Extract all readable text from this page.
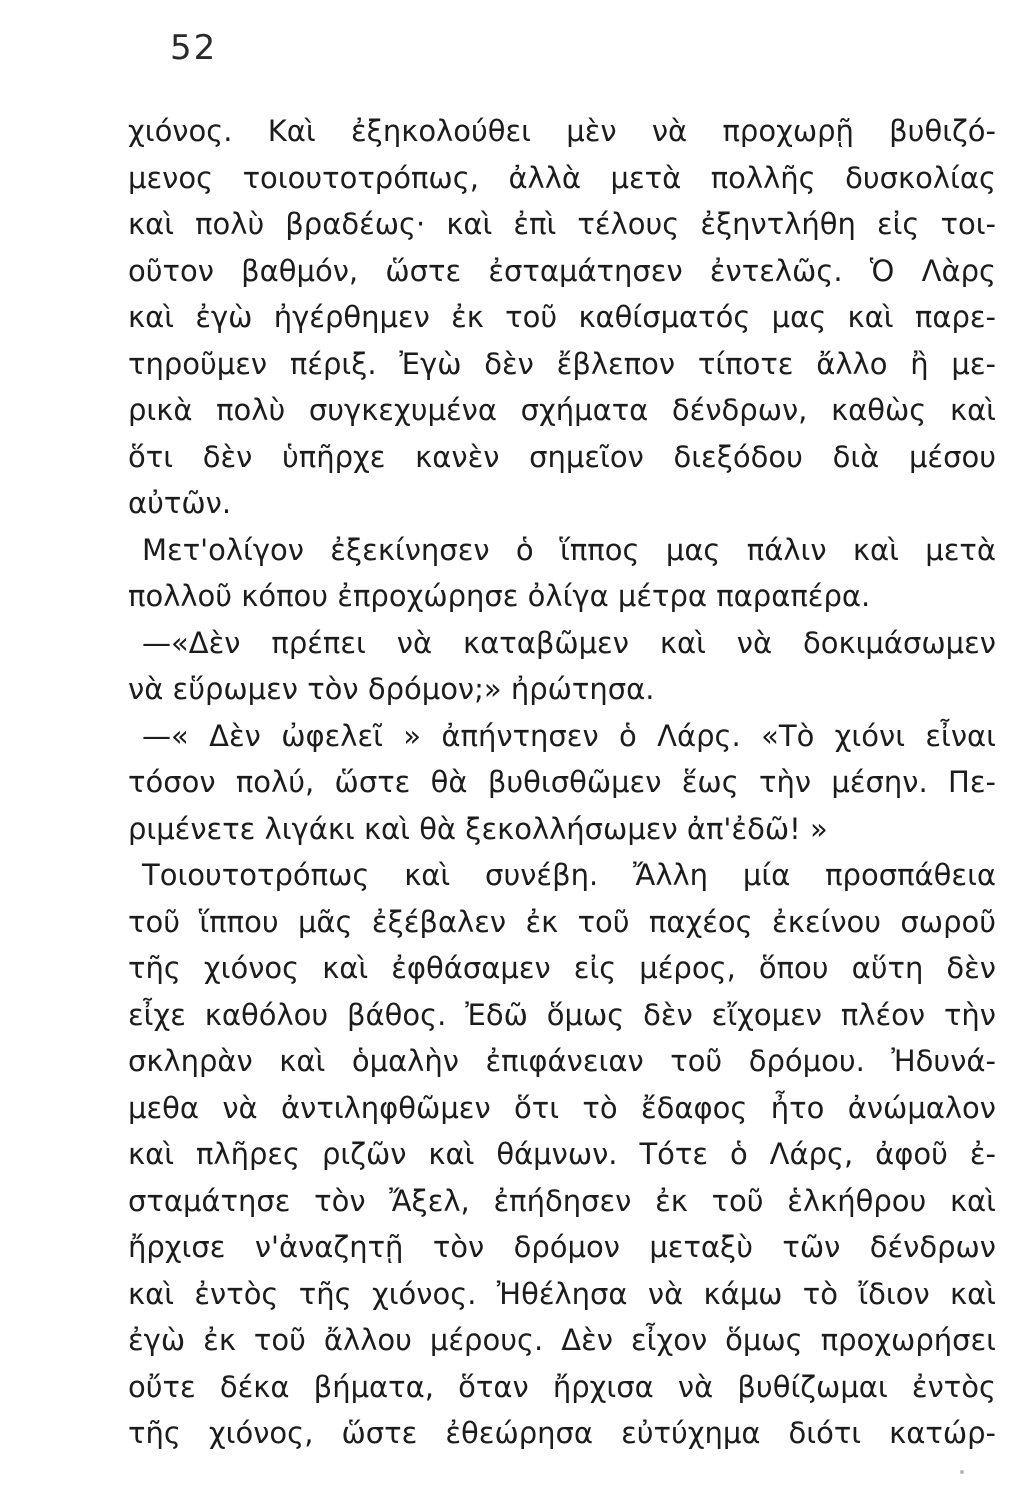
52
χιόνος. Καὶ ἐξηκολούθει μὲν νὰ προχωρῇ βυθιζό-
μενος τοιουτοτρόπως, ἀλλὰ μετὰ πολλῆς δυσκολίας
καὶ πολὺ βραδέως· καὶ ἐπὶ τέλους ἐξηντλήθη εἰς τοι-
οῦτον βαθμόν, ὥστε ἐσταμάτησεν ἐντελῶς. Ὁ Λὰρς
καὶ ἐγὼ ἠγέρθημεν ἐκ τοῦ καθίσματός μας καὶ παρε-
τηροῦμεν πέριξ. Ἐγὼ δὲν ἔβλεπον τίποτε ἄλλο ἢ με-
ρικὰ πολὺ συγκεχυμένα σχήματα δένδρων, καθὼς καὶ
ὅτι δὲν ὑπῆρχε κανὲν σημεῖον διεξόδου διὰ μέσου
αὐτῶν.
Μετ'ολίγον ἐξεκίνησεν ὁ ἵππος μας πάλιν καὶ μετὰ
πολλοῦ κόπου ἐπροχώρησε ὀλίγα μέτρα παραπέρα.
—«Δὲν πρέπει νὰ καταβῶμεν καὶ νὰ δοκιμάσωμεν
νὰ εὕρωμεν τὸν δρόμον;» ἠρώτησα.
—« Δὲν ὠφελεῖ » ἀπήντησεν ὁ Λάρς. «Τὸ χιόνι εἶναι
τόσον πολύ, ὥστε θὰ βυθισθῶμεν ἕως τὴν μέσην. Πε-
ριμένετε λιγάκι καὶ θὰ ξεκολλήσωμεν ἀπ'ἐδῶ! »
Τοιουτοτρόπως καὶ συνέβη. Ἄλλη μία προσπάθεια
τοῦ ἵππου μᾶς ἐξέβαλεν ἐκ τοῦ παχέος ἐκείνου σωροῦ
τῆς χιόνος καὶ ἐφθάσαμεν εἰς μέρος, ὅπου αὕτη δὲν
εἶχε καθόλου βάθος. Ἐδῶ ὅμως δὲν εἴχομεν πλέον τὴν
σκληρὰν καὶ ὁμαλὴν ἐπιφάνειαν τοῦ δρόμου. Ἠδυνά-
μεθα νὰ ἀντιληφθῶμεν ὅτι τὸ ἔδαφος ἦτο ἀνώμαλον
καὶ πλῆρες ριζῶν καὶ θάμνων. Τότε ὁ Λάρς, ἀφοῦ ἐ-
σταμάτησε τὸν Ἄξελ, ἐπήδησεν ἐκ τοῦ ἑλκήθρου καὶ
ἤρχισε ν'ἀναζητῇ τὸν δρόμον μεταξὺ τῶν δένδρων
καὶ ἐντὸς τῆς χιόνος. Ἠθέλησα νὰ κάμω τὸ ἴδιον καὶ
ἐγὼ ἐκ τοῦ ἄλλου μέρους. Δὲν εἶχον ὅμως προχωρήσει
οὔτε δέκα βήματα, ὅταν ἤρχισα νὰ βυθίζωμαι ἐντὸς
τῆς χιόνος, ὥστε ἐθεώρησα εὐτύχημα διότι κατώρ-
